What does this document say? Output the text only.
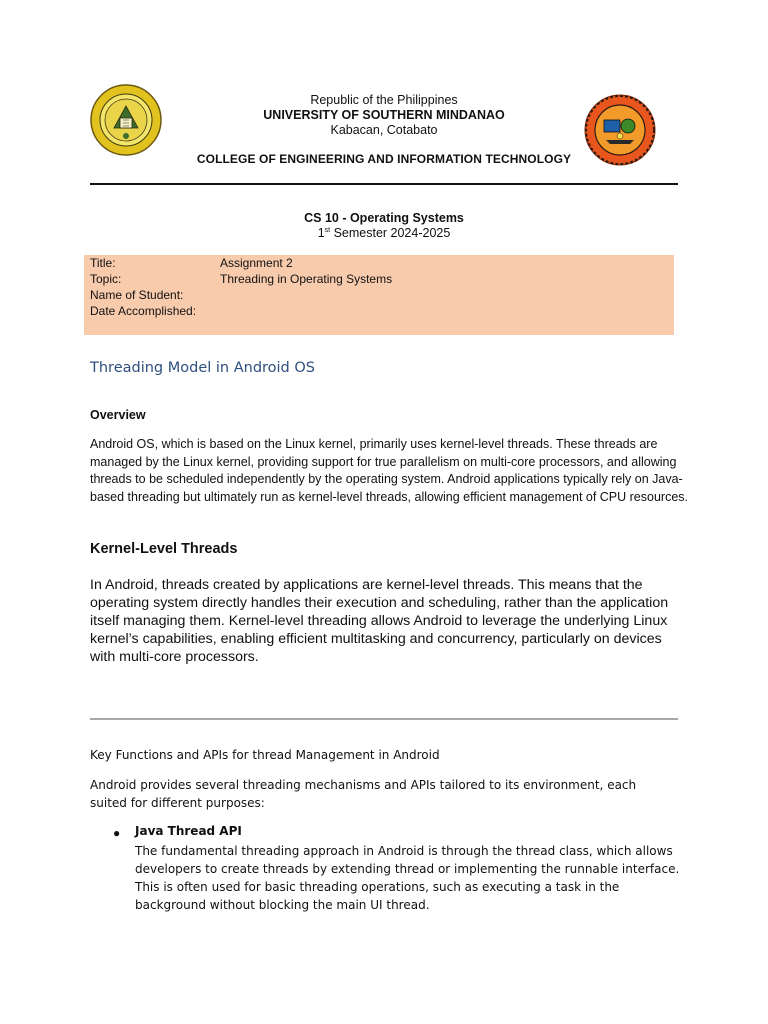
Republic of the Philippines
UNIVERSITY OF SOUTHERN MINDANAO
Kabacan, Cotabato
COLLEGE OF ENGINEERING AND INFORMATION TECHNOLOGY
CS 10 - Operating Systems
1st Semester 2024-2025
Title:	Assignment 2
Topic:	Threading in Operating Systems
Name of Student:
Date Accomplished:
Threading Model in Android OS
Overview
Android OS, which is based on the Linux kernel, primarily uses kernel-level threads. These threads are managed by the Linux kernel, providing support for true parallelism on multi-core processors, and allowing threads to be scheduled independently by the operating system. Android applications typically rely on Java-based threading but ultimately run as kernel-level threads, allowing efficient management of CPU resources.
Kernel-Level Threads
In Android, threads created by applications are kernel-level threads. This means that the operating system directly handles their execution and scheduling, rather than the application itself managing them. Kernel-level threading allows Android to leverage the underlying Linux kernel’s capabilities, enabling efficient multitasking and concurrency, particularly on devices with multi-core processors.
Key Functions and APIs for thread Management in Android
Android provides several threading mechanisms and APIs tailored to its environment, each suited for different purposes:
● Java Thread API
The fundamental threading approach in Android is through the thread class, which allows developers to create threads by extending thread or implementing the runnable interface. This is often used for basic threading operations, such as executing a task in the background without blocking the main UI thread.
